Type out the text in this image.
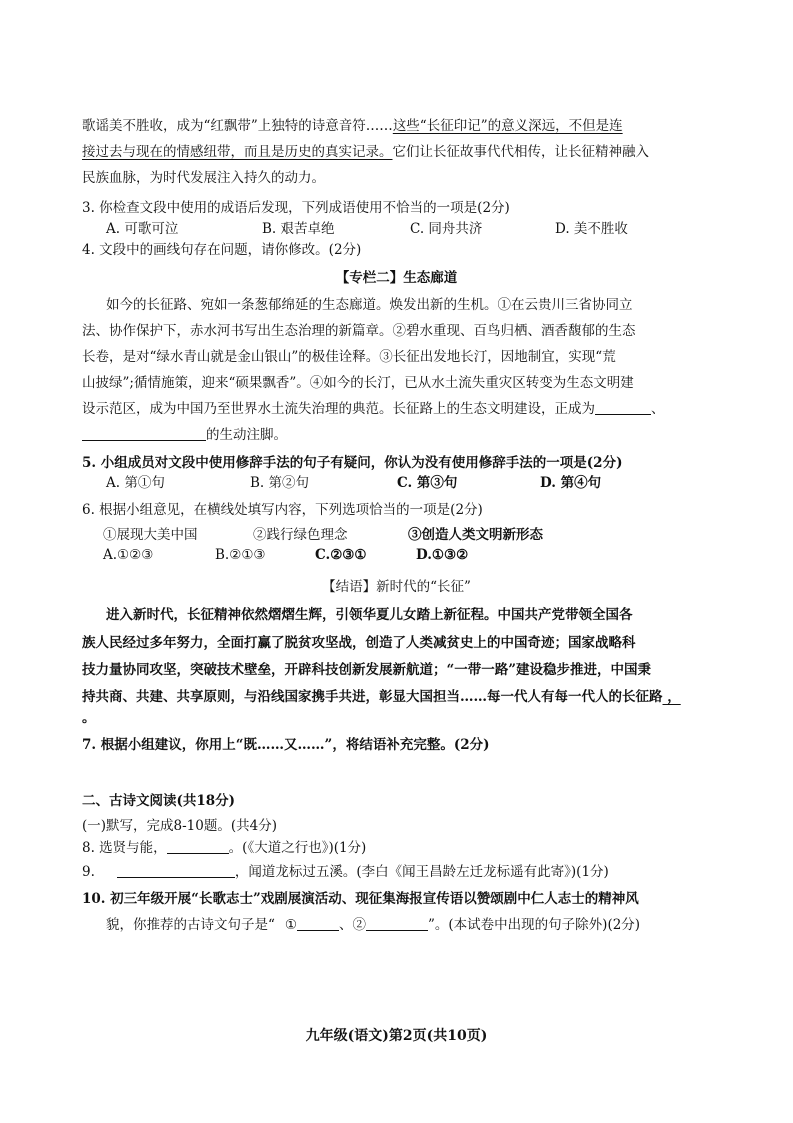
歌谣美不胜收，成为“红飘带”上独特的诗意音符……这些“长征印记”的意义深远，不但是连
接过去与现在的情感纽带，而且是历史的真实记录。它们让长征故事代代相传，让长征精神融入
民族血脉，为时代发展注入持久的动力。
3. 你检查文段中使用的成语后发现，下列成语使用不恰当的一项是(2分)
A. 可歌可泣	B. 艰苦卓绝	C. 同舟共济	D. 美不胜收
4. 文段中的画线句存在问题，请你修改。(2分)
【专栏二】生态廊道
如今的长征路、宛如一条葱郁绵延的生态廊道。焕发出新的生机。①在云贵川三省协同立
法、协作保护下，赤水河书写出生态治理的新篇章。②碧水重现、百鸟归栖、酒香馥郁的生态
长卷，是对“绿水青山就是金山银山”的极佳诠释。③长征出发地长汀，因地制宜，实现“荒
山披绿”;循情施策，迎来“硕果飘香”。④如今的长汀，已从水土流失重灾区转变为生态文明建
设示范区，成为中国乃至世界水土流失治理的典范。长征路上的生态文明建设，正成为	、
的生动注脚。
5. 小组成员对文段中使用修辞手法的句子有疑问，你认为没有使用修辞手法的一项是(2分)
A. 第①句	B. 第②句	C. 第③句	D. 第④句
6. 根据小组意见，在横线处填写内容，下列选项恰当的一项是(2分)
①展现大美中国	②践行绿色理念	③创造人类文明新形态
A.①②③	B.②①③	C.②③①	D.①③②
【结语】新时代的“长征”
进入新时代，长征精神依然熠熠生辉，引领华夏儿女踏上新征程。中国共产党带领全国各
族人民经过多年努力，全面打赢了脱贫攻坚战，创造了人类减贫史上的中国奇迹；国家战略科
技力量协同攻坚，突破技术壁垒，开辟科技创新发展新航道；“一带一路”建设稳步推进，中国秉
持共商、共建、共享原则，与沿线国家携手共进，彰显大国担当……每一代人有每一代人的长征路 ，
。
7. 根据小组建议，你用上“既……又……”，将结语补充完整。(2分)
二、古诗文阅读(共18分)
(一)默写，完成8-10题。(共4分)
8. 选贤与能，	。(《大道之行也》)(1分)
9.	，闻道龙标过五溪。(李白《闻王昌龄左迁龙标遥有此寄》)(1分)
10. 初三年级开展“长歌志士”戏剧展演活动、现征集海报宣传语以赞颂剧中仁人志士的精神风
貌，你推荐的古诗文句子是“ ①	、②	”。(本试卷中出现的句子除外)(2分)
九年级(语文)第2页(共10页)
